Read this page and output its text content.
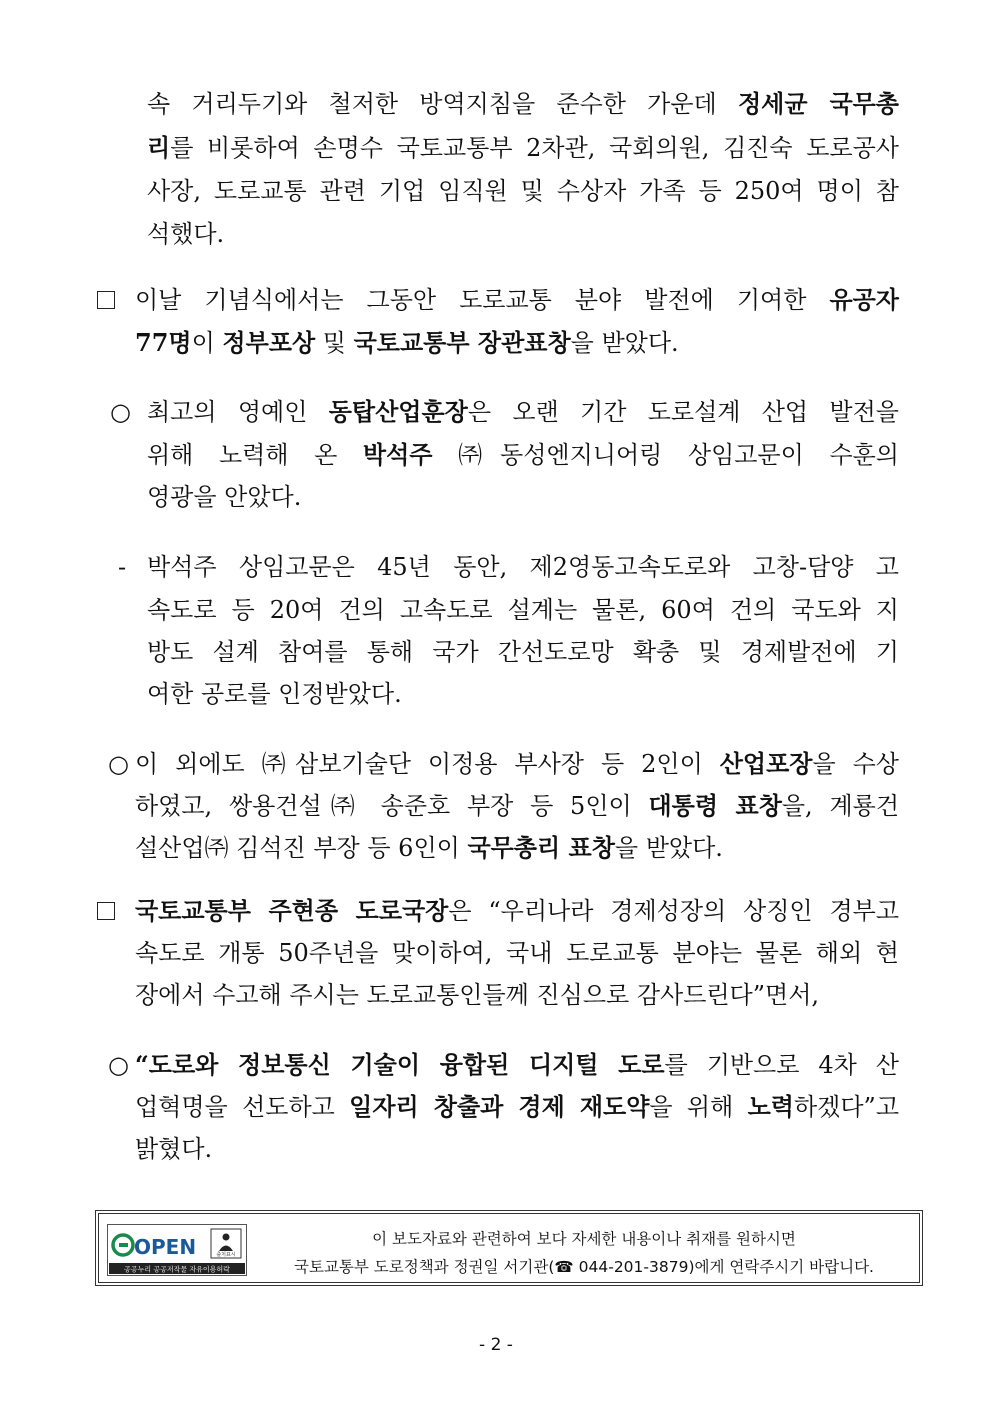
속 거리두기와 철저한 방역지침을 준수한 가운데 정세균 국무총
리를 비롯하여 손명수 국토교통부 2차관, 국회의원, 김진숙 도로공사
사장, 도로교통 관련 기업 임직원 및 수상자 가족 등 250여 명이 참
석했다.
이날 기념식에서는 그동안 도로교통 분야 발전에 기여한 유공자
77명이 정부포상 및 국토교통부 장관표창을 받았다.
○ 최고의 영예인 동탑산업훈장은 오랜 기간 도로설계 산업 발전을
위해 노력해 온 박석주 ㈜동성엔지니어링 상임고문이 수훈의
영광을 안았다.
- 박석주 상임고문은 45년 동안, 제2영동고속도로와 고창-담양 고
속도로 등 20여 건의 고속도로 설계는 물론, 60여 건의 국도와 지
방도 설계 참여를 통해 국가 간선도로망 확충 및 경제발전에 기
여한 공로를 인정받았다.
○ 이 외에도 ㈜삼보기술단 이정용 부사장 등 2인이 산업포장을 수상
하였고, 쌍용건설㈜ 송준호 부장 등 5인이 대통령 표창을, 계룡건
설산업㈜ 김석진 부장 등 6인이 국무총리 표창을 받았다.
국토교통부 주현종 도로국장은 “우리나라 경제성장의 상징인 경부고
속도로 개통 50주년을 맞이하여, 국내 도로교통 분야는 물론 해외 현
장에서 수고해 주시는 도로교통인들께 진심으로 감사드린다”면서,
○ “도로와 정보통신 기술이 융합된 디지털 도로를 기반으로 4차 산
업혁명을 선도하고 일자리 창출과 경제 재도약을 위해 노력하겠다”고
밝혔다.
OPEN	출처표시
공공누리 공공저작물 자유이용허락
이 보도자료와 관련하여 보다 자세한 내용이나 취재를 원하시면
국토교통부 도로정책과 정권일 서기관(☎ 044-201-3879)에게 연락주시기 바랍니다.
- 2 -
